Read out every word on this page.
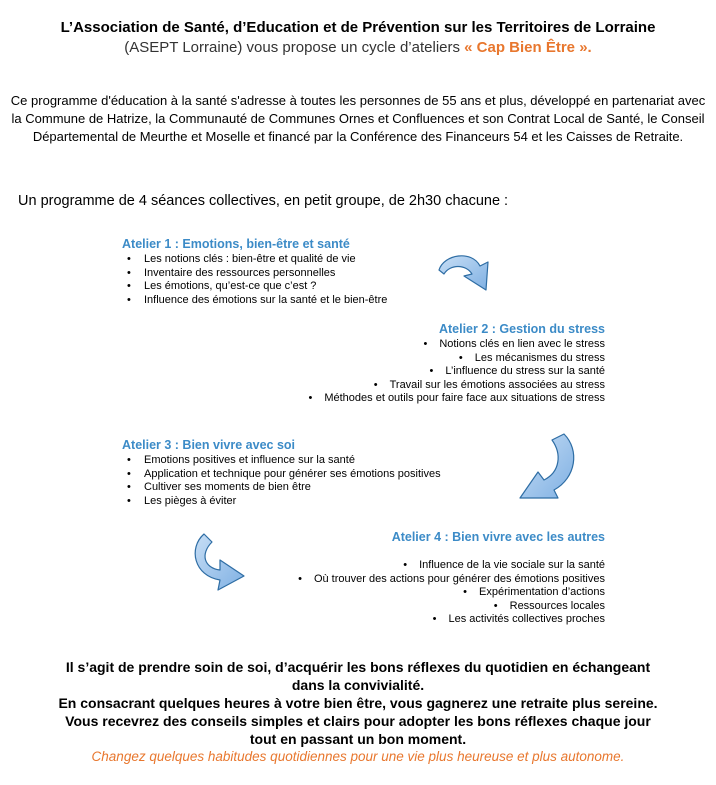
L’Association de Santé, d’Education et de Prévention sur les Territoires de Lorraine
(ASEPT Lorraine) vous propose un cycle d’ateliers « Cap Bien Être ».
Ce programme d'éducation à la santé s'adresse à toutes les personnes de 55 ans et plus, développé en partenariat avec la Commune de Hatrize, la Communauté de Communes Ornes et Confluences et son Contrat Local de Santé, le Conseil Départemental de Meurthe et Moselle et financé par la Conférence des Financeurs 54 et les Caisses de Retraite.
Un programme de 4 séances collectives, en petit groupe, de 2h30 chacune :
Atelier 1 : Emotions, bien-être et santé
• Les notions clés : bien-être et qualité de vie
• Inventaire des ressources personnelles
• Les émotions, qu’est-ce que c’est ?
• Influence des émotions sur la santé et le bien-être
Atelier 2 : Gestion du stress
• Notions clés en lien avec le stress
• Les mécanismes du stress
• L’influence du stress sur la santé
• Travail sur les émotions associées au stress
• Méthodes et outils pour faire face aux situations de stress
Atelier 3 : Bien vivre avec soi
• Emotions positives et influence sur la santé
• Application et technique pour générer ses émotions positives
• Cultiver ses moments de bien être
• Les pièges à éviter
Atelier 4 : Bien vivre avec les autres
• Influence de la vie sociale sur la santé
• Où trouver des actions pour générer des émotions positives
• Expérimentation d’actions
• Ressources locales
• Les activités collectives proches
Il s’agit de prendre soin de soi, d’acquérir les bons réflexes du quotidien en échangeant
dans la convivialité.
En consacrant quelques heures à votre bien être, vous gagnerez une retraite plus sereine.
Vous recevrez des conseils simples et clairs pour adopter les bons réflexes chaque jour
tout en passant un bon moment.
Changez quelques habitudes quotidiennes pour une vie plus heureuse et plus autonome.
